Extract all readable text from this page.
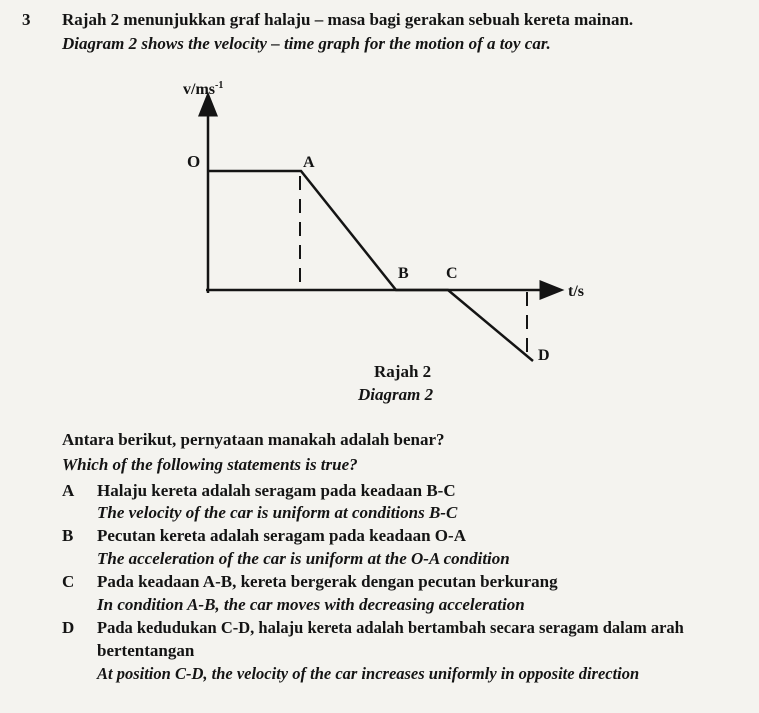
3 Rajah 2 menunjukkan graf halaju – masa bagi gerakan sebuah kereta mainan.
Diagram 2 shows the velocity – time graph for the motion of a toy car.
$v/ms^{-1}$
t/s
O	A
B C
D
Rajah 2
Diagram 2
Antara berikut, pernyataan manakah adalah benar?
Which of the following statements is true?
A Halaju kereta adalah seragam pada keadaan B-C
The velocity of the car is uniform at conditions B-C
B Pecutan kereta adalah seragam pada keadaan O-A
The acceleration of the car is uniform at the O-A condition
C Pada keadaan A-B, kereta bergerak dengan pecutan berkurang
In condition A-B, the car moves with decreasing acceleration
D Pada kedudukan C-D, halaju kereta adalah bertambah secara seragam dalam arah
bertentangan
At position C-D, the velocity of the car increases uniformly in opposite direction
